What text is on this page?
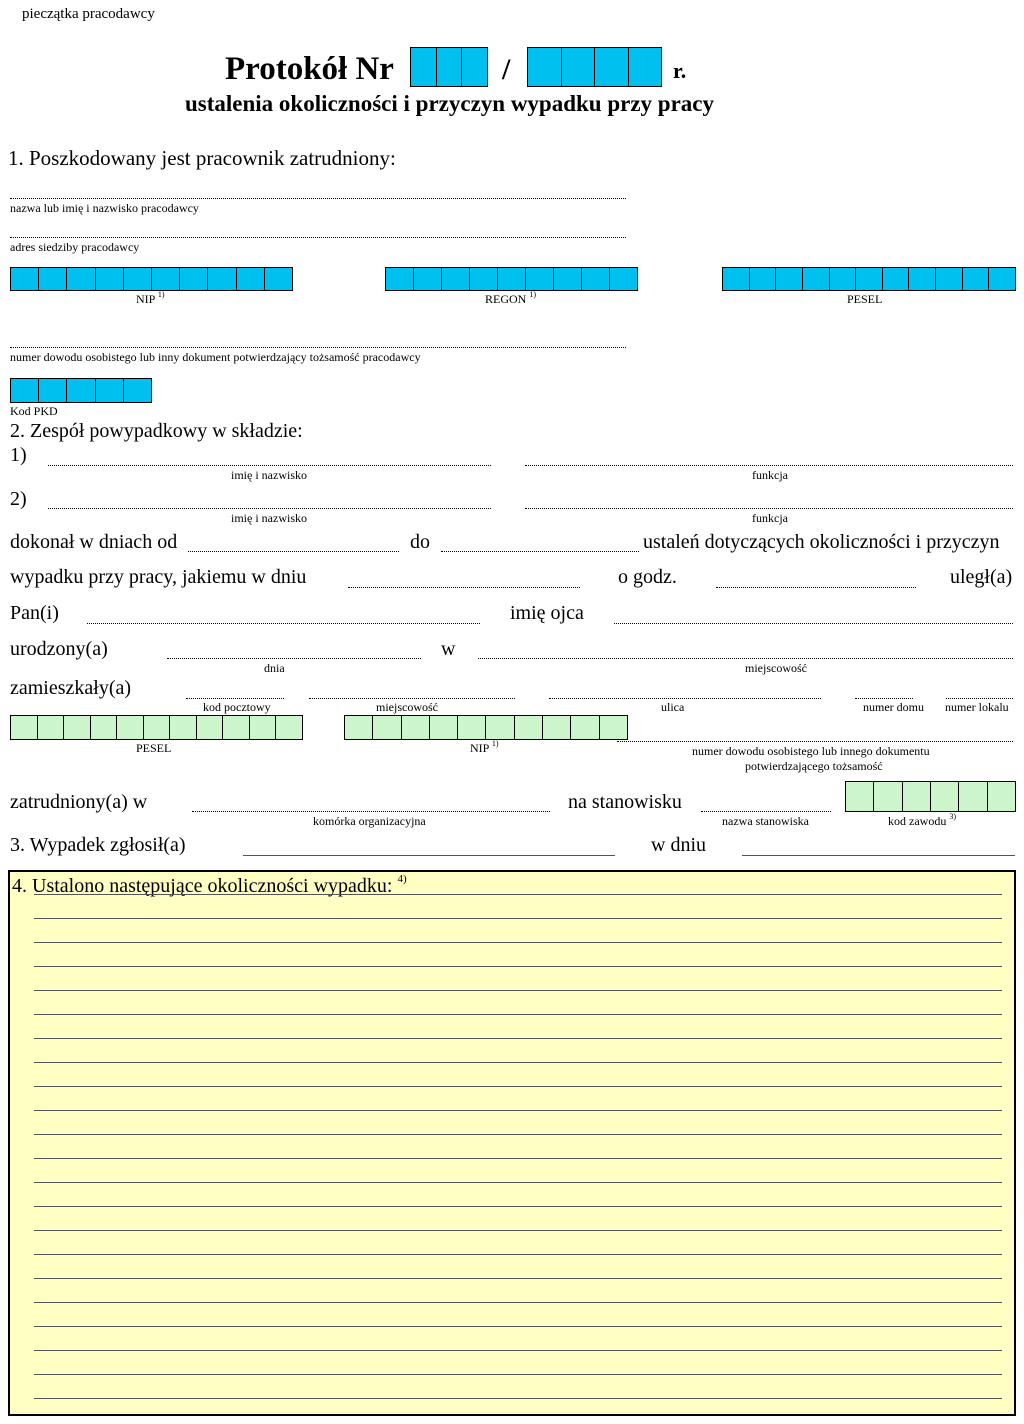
pieczątka pracodawcy
Protokół Nr	/	r.
ustalenia okoliczności i przyczyn wypadku przy pracy
1. Poszkodowany jest pracownik zatrudniony:
nazwa lub imię i nazwisko pracodawcy
adres siedziby pracodawcy
NIP $^{1)}$	REGON $^{1)}$	PESEL
numer dowodu osobistego lub inny dokument potwierdzający tożsamość pracodawcy
Kod PKD
2. Zespół powypadkowy w składzie:
1)
imię i nazwisko	funkcja
2)
imię i nazwisko	funkcja
dokonał w dniach od	do	ustaleń dotyczących okoliczności i przyczyn
wypadku przy pracy, jakiemu w dniu	o godz.	uległ(a)
Pan(i)	imię ojca
urodzony(a)	w
dnia	miejscowość
zamieszkały(a)
kod pocztowy	miejscowość	ulica	numer domu numer lokalu
PESEL	NIP $^{1)}$
numer dowodu osobistego lub innego dokumentu
potwierdzającego tożsamość
zatrudniony(a) w	na stanowisku
komórka organizacyjna	nazwa stanowiska	kod zawodu $^{3)}$
3. Wypadek zgłosił(a)	w dniu
4. Ustalono następujące okoliczności wypadku: $^{4)}$
